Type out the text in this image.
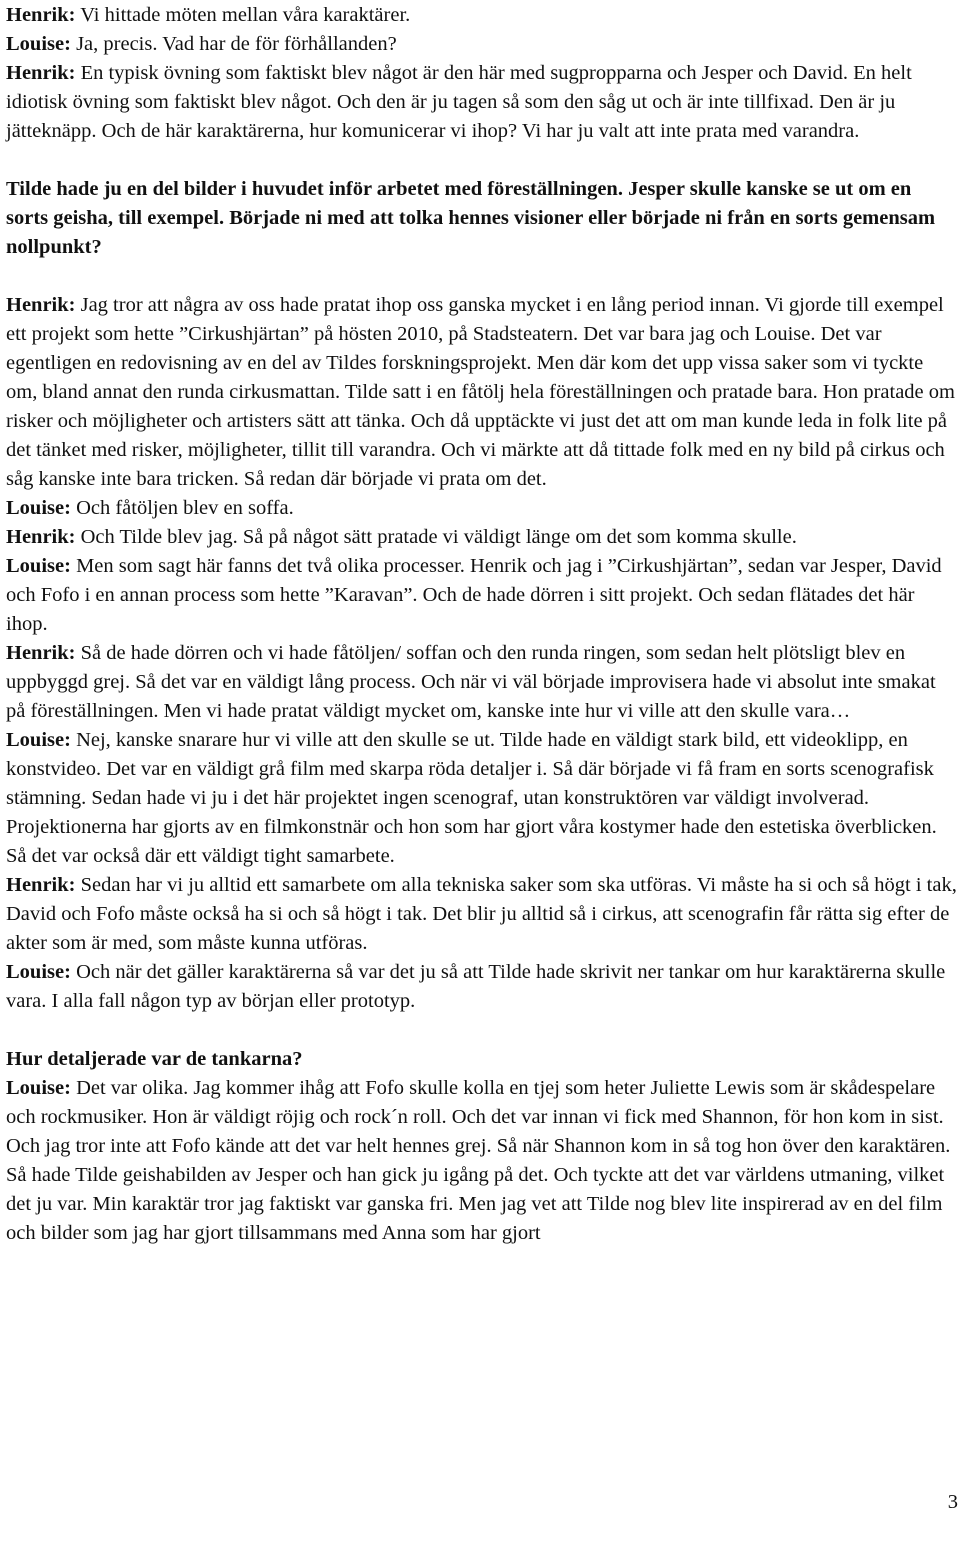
Henrik: Vi hittade möten mellan våra karaktärer.
Louise: Ja, precis. Vad har de för förhållanden?
Henrik: En typisk övning som faktiskt blev något är den här med sugpropparna och Jesper och David. En helt idiotisk övning som faktiskt blev något. Och den är ju tagen så som den såg ut och är inte tillfixad. Den är ju jätteknäpp. Och de här karaktärerna, hur komunicerar vi ihop? Vi har ju valt att inte prata med varandra.
Tilde hade ju en del bilder i huvudet inför arbetet med föreställningen. Jesper skulle kanske se ut om en sorts geisha, till exempel. Började ni med att tolka hennes visioner eller började ni från en sorts gemensam nollpunkt?
Henrik: Jag tror att några av oss hade pratat ihop oss ganska mycket i en lång period innan. Vi gjorde till exempel ett projekt som hette ”Cirkushjärtan” på hösten 2010, på Stadsteatern. Det var bara jag och Louise. Det var egentligen en redovisning av en del av Tildes forskningsprojekt. Men där kom det upp vissa saker som vi tyckte om, bland annat den runda cirkusmattan. Tilde satt i en fåtölj hela föreställningen och pratade bara. Hon pratade om risker och möjligheter och artisters sätt att tänka. Och då upptäckte vi just det att om man kunde leda in folk lite på det tänket med risker, möjligheter, tillit till varandra. Och vi märkte att då tittade folk med en ny bild på cirkus och såg kanske inte bara tricken. Så redan där började vi prata om det.
Louise: Och fåtöljen blev en soffa.
Henrik: Och Tilde blev jag. Så på något sätt pratade vi väldigt länge om det som komma skulle.
Louise: Men som sagt här fanns det två olika processer. Henrik och jag i ”Cirkushjärtan”, sedan var Jesper, David och Fofo i en annan process som hette ”Karavan”. Och de hade dörren i sitt projekt. Och sedan flätades det här ihop.
Henrik: Så de hade dörren och vi hade fåtöljen/ soffan och den runda ringen, som sedan helt plötsligt blev en uppbyggd grej. Så det var en väldigt lång process. Och när vi väl började improvisera hade vi absolut inte smakat på föreställningen. Men vi hade pratat väldigt mycket om, kanske inte hur vi ville att den skulle vara…
Louise: Nej, kanske snarare hur vi ville att den skulle se ut. Tilde hade en väldigt stark bild, ett videoklipp, en konstvideo. Det var en väldigt grå film med skarpa röda detaljer i. Så där började vi få fram en sorts scenografisk stämning. Sedan hade vi ju i det här projektet ingen scenograf, utan konstruktören var väldigt involverad. Projektionerna har gjorts av en filmkonstnär och hon som har gjort våra kostymer hade den estetiska överblicken. Så det var också där ett väldigt tight samarbete.
Henrik: Sedan har vi ju alltid ett samarbete om alla tekniska saker som ska utföras. Vi måste ha si och så högt i tak, David och Fofo måste också ha si och så högt i tak. Det blir ju alltid så i cirkus, att scenografin får rätta sig efter de akter som är med, som måste kunna utföras.
Louise: Och när det gäller karaktärerna så var det ju så att Tilde hade skrivit ner tankar om hur karaktärerna skulle vara. I alla fall någon typ av början eller prototyp.
Hur detaljerade var de tankarna?
Louise: Det var olika. Jag kommer ihåg att Fofo skulle kolla en tjej som heter Juliette Lewis som är skådespelare och rockmusiker. Hon är väldigt röjig och rock´n roll. Och det var innan vi fick med Shannon, för hon kom in sist. Och jag tror inte att Fofo kände att det var helt hennes grej. Så när Shannon kom in så tog hon över den karaktären. Så hade Tilde geishabilden av Jesper och han gick ju igång på det. Och tyckte att det var världens utmaning, vilket det ju var. Min karaktär tror jag faktiskt var ganska fri. Men jag vet att Tilde nog blev lite inspirerad av en del film och bilder som jag har gjort tillsammans med Anna som har gjort
3
